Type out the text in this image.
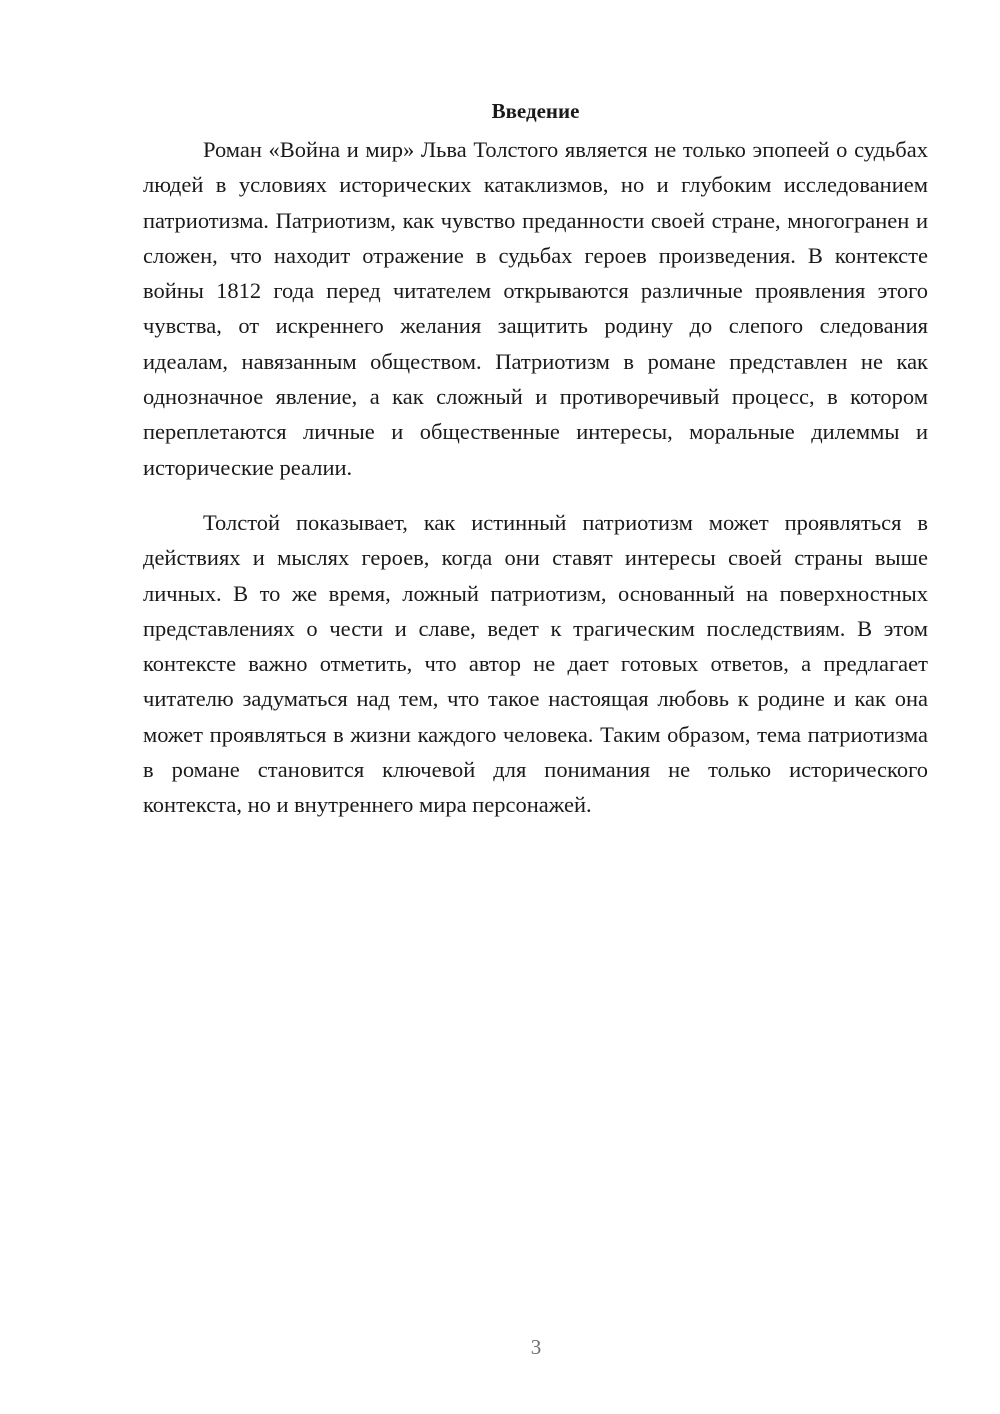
Введение

Роман «Война и мир» Льва Толстого является не только эпопеей о судьбах людей в условиях исторических катаклизмов, но и глубоким исследованием патриотизма. Патриотизм, как чувство преданности своей стране, многогранен и сложен, что находит отражение в судьбах героев произведения. В контексте войны 1812 года перед читателем открываются различные проявления этого чувства, от искреннего желания защитить родину до слепого следования идеалам, навязанным обществом. Патриотизм в романе представлен не как однозначное явление, а как сложный и противоречивый процесс, в котором переплетаются личные и общественные интересы, моральные дилеммы и исторические реалии.

Толстой показывает, как истинный патриотизм может проявляться в действиях и мыслях героев, когда они ставят интересы своей страны выше личных. В то же время, ложный патриотизм, основанный на поверхностных представлениях о чести и славе, ведет к трагическим последствиям. В этом контексте важно отметить, что автор не дает готовых ответов, а предлагает читателю задуматься над тем, что такое настоящая любовь к родине и как она может проявляться в жизни каждого человека. Таким образом, тема патриотизма в романе становится ключевой для понимания не только исторического контекста, но и внутреннего мира персонажей.

3
